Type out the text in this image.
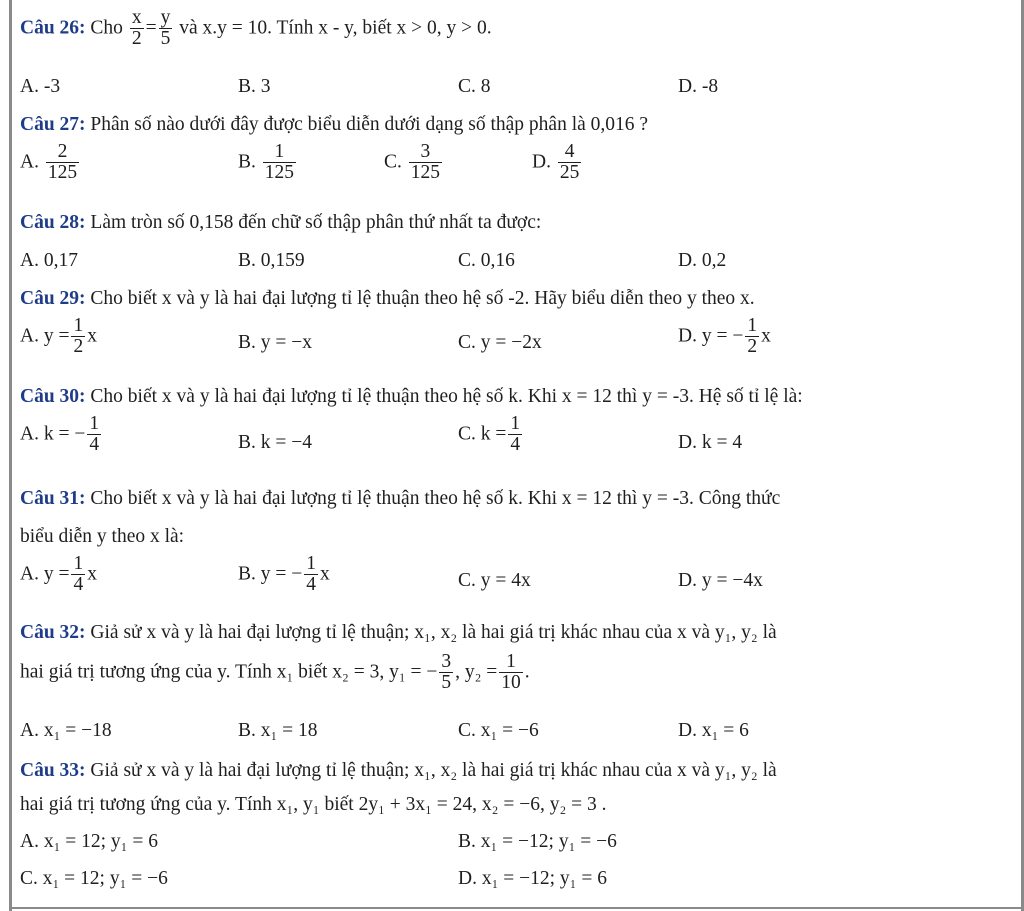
Câu 26: Cho $\frac{x}{2} = \frac{y}{5}$ và x.y = 10. Tính x - y, biết x > 0, y > 0.
A. -3	B. 3	C. 8	D. -8
Câu 27: Phân số nào dưới đây được biểu diễn dưới dạng số thập phân là 0,016 ?
A. $\frac{2}{125}$	B. $\frac{1}{125}$	C. $\frac{3}{125}$	D. $\frac{4}{25}$
Câu 28: Làm tròn số 0,158 đến chữ số thập phân thứ nhất ta được:
A. 0,17	B. 0,159	C. 0,16	D. 0,2
Câu 29: Cho biết x và y là hai đại lượng tỉ lệ thuận theo hệ số -2. Hãy biểu diễn theo y theo x.
A. $y = \frac{1}{2}$ x	B. y = −x	C. y = −2x	D. y = − $\frac{1}{2}$ x
Câu 30: Cho biết x và y là hai đại lượng tỉ lệ thuận theo hệ số k. Khi x = 12 thì y = -3. Hệ số tỉ lệ là:
A. k = − $\frac{1}{4}$	B. k = −4	C. $k = \frac{1}{4}$	D. k = 4
Câu 31: Cho biết x và y là hai đại lượng tỉ lệ thuận theo hệ số k. Khi x = 12 thì y = -3. Công thức
biểu diễn y theo x là:
A. $y = \frac{1}{4}$ x	B. y = − $\frac{1}{4}$ x	C. y = 4x	D. y = −4x
Câu 32: Giả sử x và y là hai đại lượng tỉ lệ thuận; x₁, x₂ là hai giá trị khác nhau của x và y₁, y₂ là
hai giá trị tương ứng của y. Tính x₁ biết x₂ = 3, y₁ = − $\frac{3}{5}$ , $y_2 = \frac{1}{10}$ .
A. x₁ = −18	B. x₁ = 18	C. x₁ = −6	D. x₁ = 6
Câu 33: Giả sử x và y là hai đại lượng tỉ lệ thuận; x₁, x₂ là hai giá trị khác nhau của x và y₁, y₂ là
hai giá trị tương ứng của y. Tính x₁, y₁ biết 2y₁ + 3x₁ = 24, x₂ = −6, y₂ = 3 .
A. x₁ = 12; y₁ = 6	B. x₁ = −12; y₁ = −6
C. x₁ = 12; y₁ = −6	D. x₁ = −12; y₁ = 6
